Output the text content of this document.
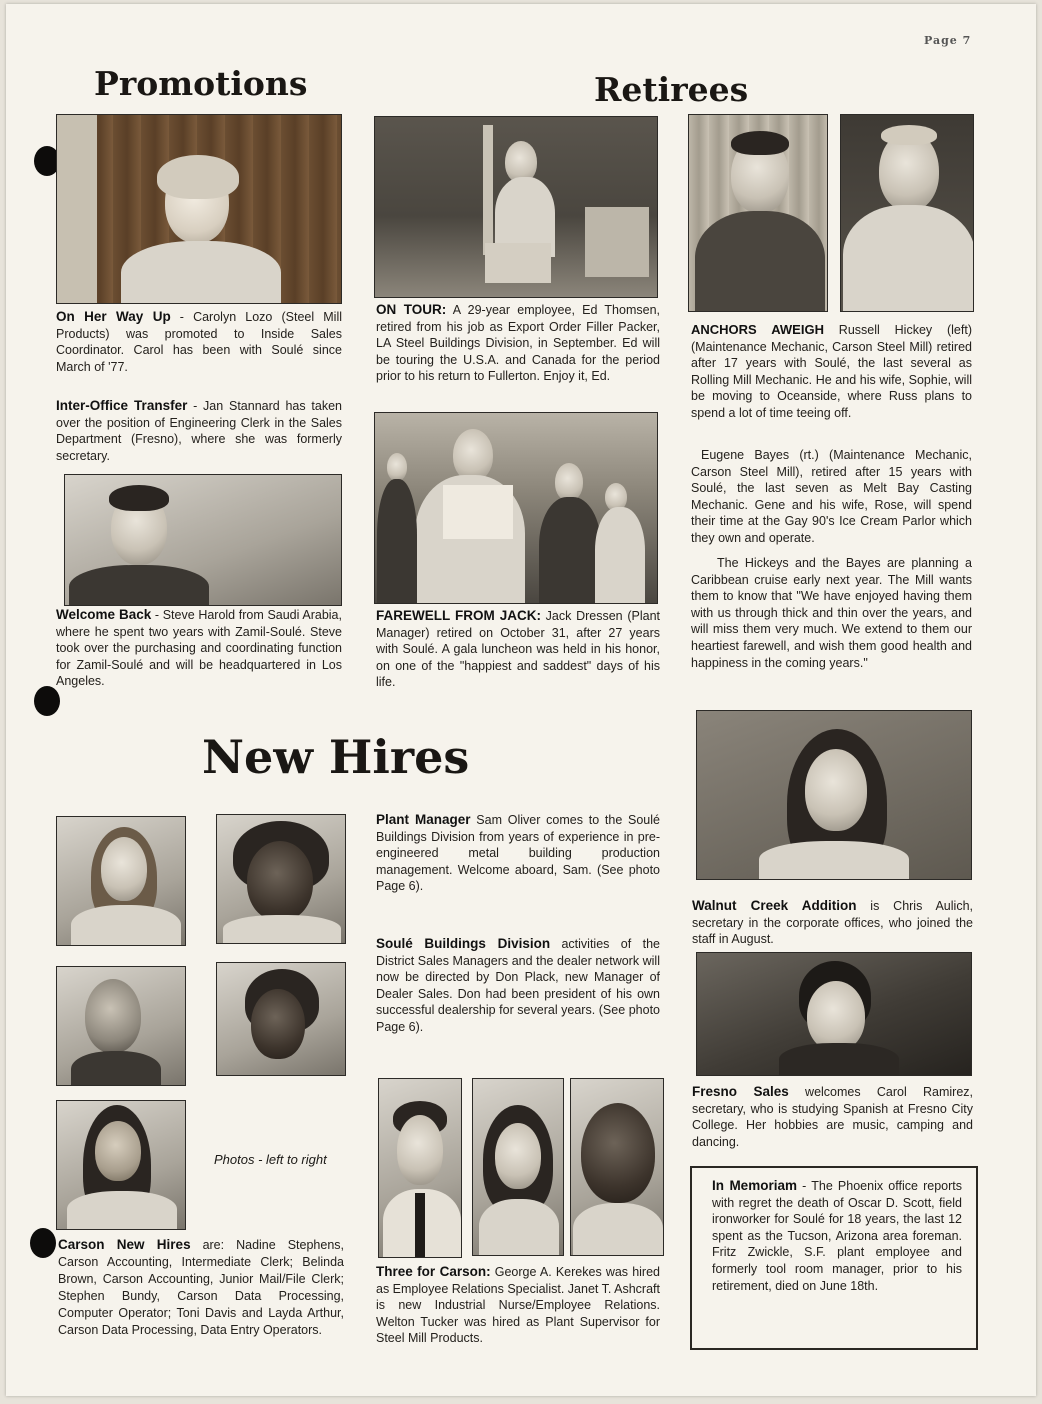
Page 7
Promotions
On Her Way Up - Carolyn Lozo (Steel Mill Products) was promoted to Inside Sales Coordinator. Carol has been with Soulé since March of '77.
Inter-Office Transfer - Jan Stannard has taken over the position of Engineering Clerk in the Sales Department (Fresno), where she was formerly secretary.
Welcome Back - Steve Harold from Saudi Arabia, where he spent two years with Zamil-Soulé. Steve took over the purchasing and coordinating function for Zamil-Soulé and will be headquartered in Los Angeles.
Retirees
ON TOUR: A 29-year employee, Ed Thomsen, retired from his job as Export Order Filler Packer, LA Steel Buildings Division, in September. Ed will be touring the U.S.A. and Canada for the period prior to his return to Fullerton. Enjoy it, Ed.
FAREWELL FROM JACK: Jack Dressen (Plant Manager) retired on October 31, after 27 years with Soulé. A gala luncheon was held in his honor, on one of the "happiest and saddest" days of his life.
ANCHORS AWEIGH Russell Hickey (left) (Maintenance Mechanic, Carson Steel Mill) retired after 17 years with Soulé, the last several as Rolling Mill Mechanic. He and his wife, Sophie, will be moving to Oceanside, where Russ plans to spend a lot of time teeing off.
Eugene Bayes (rt.) (Maintenance Mechanic, Carson Steel Mill), retired after 15 years with Soulé, the last seven as Melt Bay Casting Mechanic. Gene and his wife, Rose, will spend their time at the Gay 90's Ice Cream Parlor which they own and operate.
The Hickeys and the Bayes are planning a Caribbean cruise early next year. The Mill wants them to know that "We have enjoyed having them with us through thick and thin over the years, and will miss them very much. We extend to them our heartiest farewell, and wish them good health and happiness in the coming years."
New Hires
Photos - left to right
Carson New Hires are: Nadine Stephens, Carson Accounting, Intermediate Clerk; Belinda Brown, Carson Accounting, Junior Mail/File Clerk; Stephen Bundy, Carson Data Processing, Computer Operator; Toni Davis and Layda Arthur, Carson Data Processing, Data Entry Operators.
Plant Manager Sam Oliver comes to the Soulé Buildings Division from years of experience in pre-engineered metal building production management. Welcome aboard, Sam. (See photo Page 6).
Soulé Buildings Division activities of the District Sales Managers and the dealer network will now be directed by Don Plack, new Manager of Dealer Sales. Don had been president of his own successful dealership for several years. (See photo Page 6).
Three for Carson: George A. Kerekes was hired as Employee Relations Specialist. Janet T. Ashcraft is new Industrial Nurse/Employee Relations. Welton Tucker was hired as Plant Supervisor for Steel Mill Products.
Walnut Creek Addition is Chris Aulich, secretary in the corporate offices, who joined the staff in August.
Fresno Sales welcomes Carol Ramirez, secretary, who is studying Spanish at Fresno City College. Her hobbies are music, camping and dancing.
In Memoriam - The Phoenix office reports with regret the death of Oscar D. Scott, field ironworker for Soulé for 18 years, the last 12 spent as the Tucson, Arizona area foreman. Fritz Zwickle, S.F. plant employee and formerly tool room manager, prior to his retirement, died on June 18th.
